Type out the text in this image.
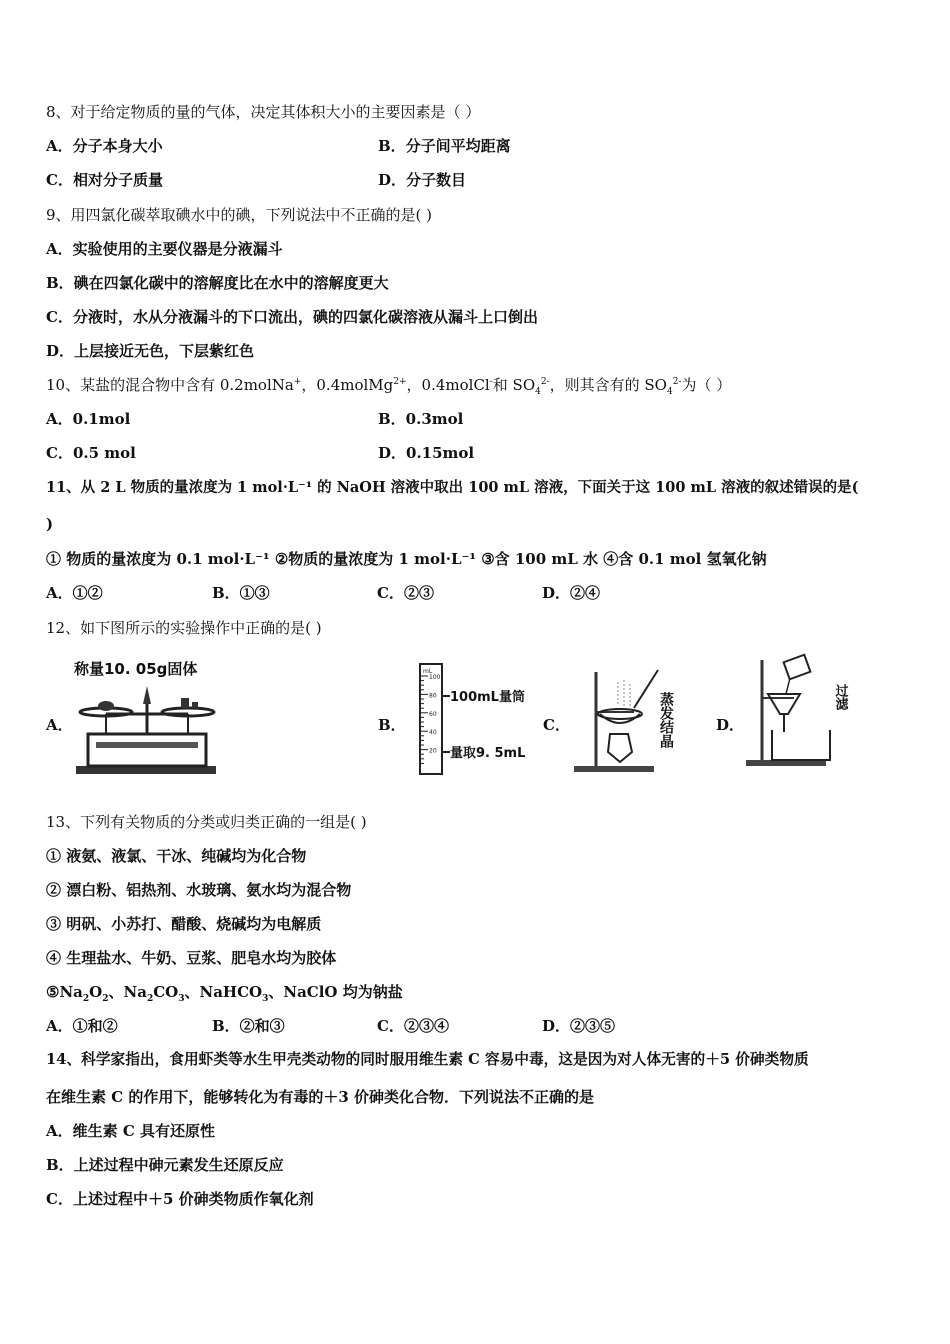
8、对于给定物质的量的气体，决定其体积大小的主要因素是（ ）
A．分子本身大小	B．分子间平均距离
C．相对分子质量	D．分子数目
9、用四氯化碳萃取碘水中的碘，下列说法中不正确的是( )
A．实验使用的主要仪器是分液漏斗
B．碘在四氯化碳中的溶解度比在水中的溶解度更大
C．分液时，水从分液漏斗的下口流出，碘的四氯化碳溶液从漏斗上口倒出
D．上层接近无色，下层紫红色
10、某盐的混合物中含有 0.2molNa+，0.4molMg$^{2+}$，0.4molCl-和 $SO_4^{2-}$，则其含有的 $SO_4^{2-}$为（ ）
A．0.1mol	B．0.3mol
C．0.5 mol	D．0.15mol
11、从 2 L 物质的量浓度为 1 mol·L⁻¹ 的 NaOH 溶液中取出 100 mL 溶液，下面关于这 100 mL 溶液的叙述错误的是(
)
① 物质的量浓度为 0.1 mol·L⁻¹ ②物质的量浓度为 1 mol·L⁻¹ ③含 100 mL 水 ④含 0.1 mol 氢氧化钠
A．①②	B．①③	C．②③	D．②④
12、如下图所示的实验操作中正确的是( )
A．
称量10. 05g固体
B．
mL
100
80
60
40
20
100mL量筒
量取9. 5mL
C．	蒸发结晶	D．
过滤
13、下列有关物质的分类或归类正确的一组是( )
① 液氨、液氯、干冰、纯碱均为化合物
② 漂白粉、铝热剂、水玻璃、氨水均为混合物
③ 明矾、小苏打、醋酸、烧碱均为电解质
④ 生理盐水、牛奶、豆浆、肥皂水均为胶体
$⑤Na_2O_2$、$Na_2CO_3$、NaHCO$_3$、NaClO 均为钠盐
A．①和②	B．②和③	C．②③④	D．②③⑤
14、科学家指出，食用虾类等水生甲壳类动物的同时服用维生素 C 容易中毒，这是因为对人体无害的＋5 价砷类物质
在维生素 C 的作用下，能够转化为有毒的＋3 价砷类化合物．下列说法不正确的是
A．维生素 C 具有还原性
B．上述过程中砷元素发生还原反应
C．上述过程中＋5 价砷类物质作氧化剂
